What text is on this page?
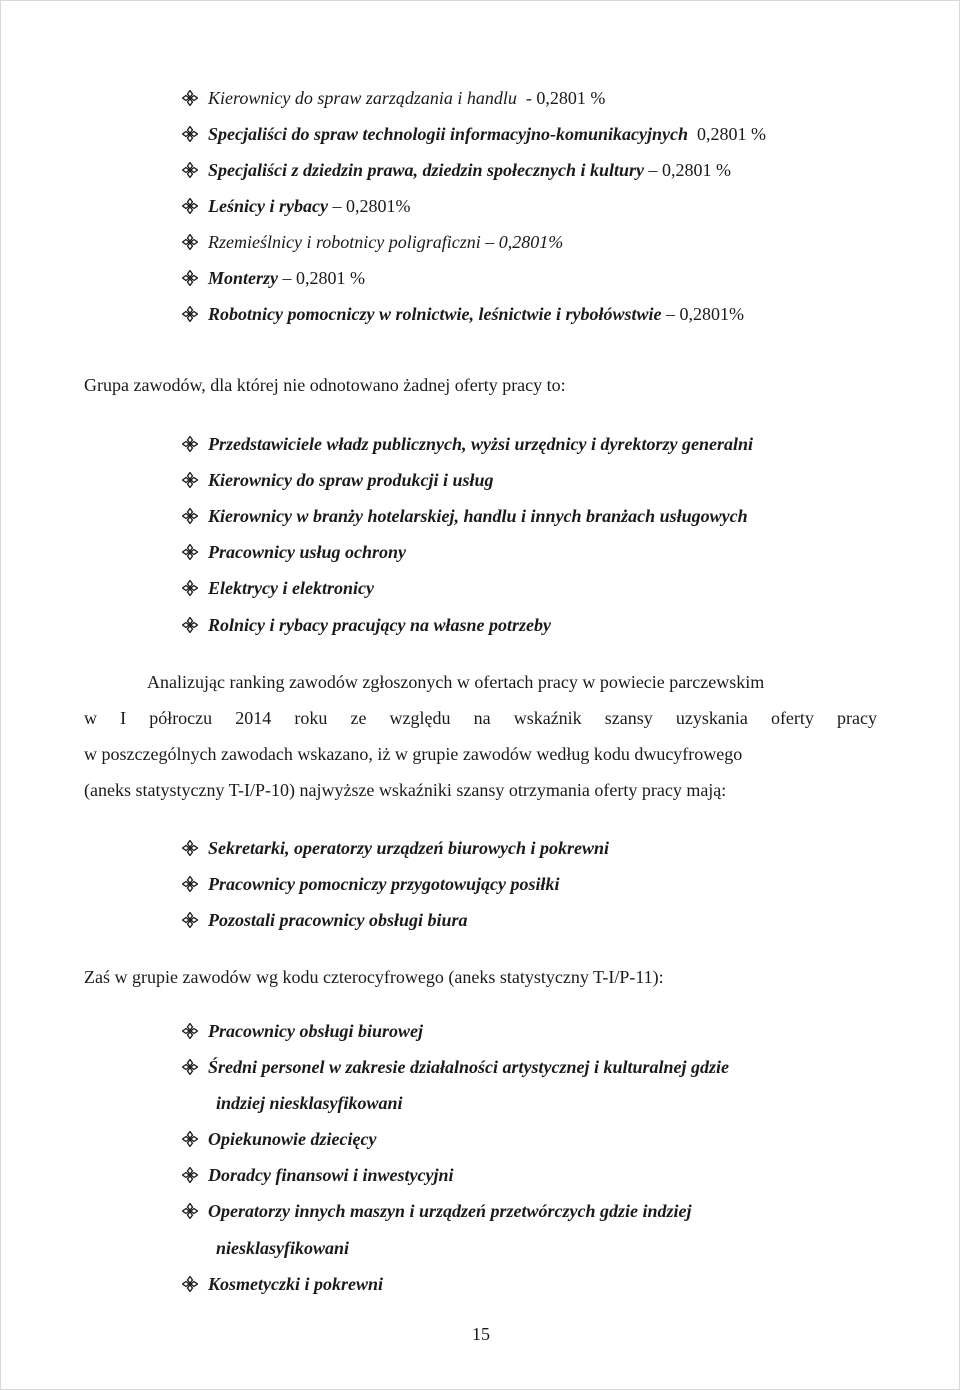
Kierownicy do spraw zarządzania i handlu - 0,2801 %
Specjaliści do spraw technologii informacyjno-komunikacyjnych
0,2801 %
Specjaliści z dziedzin prawa, dziedzin społecznych i kultury – 0,2801 %
Leśnicy i rybacy – 0,2801%
Rzemieślnicy i robotnicy poligraficzni – 0,2801%
Monterzy – 0,2801 %
Robotnicy pomocniczy w rolnictwie, leśnictwie i rybołówstwie – 0,2801%
Grupa zawodów, dla której nie odnotowano żadnej oferty pracy to:
Przedstawiciele władz publicznych, wyżsi urzędnicy i dyrektorzy generalni
Kierownicy do spraw produkcji i usług
Kierownicy w branży hotelarskiej, handlu i innych branżach usługowych
Pracownicy usług ochrony
Elektrycy i elektronicy
Rolnicy i rybacy pracujący na własne potrzeby
Analizując ranking zawodów zgłoszonych w ofertach pracy w powiecie parczewskim
w I półroczu 2014 roku ze względu na wskaźnik szansy uzyskania oferty pracy
w poszczególnych zawodach wskazano, iż w grupie zawodów według kodu dwucyfrowego
(aneks statystyczny T-I/P-10) najwyższe wskaźniki szansy otrzymania oferty pracy mają:
Sekretarki, operatorzy urządzeń biurowych i pokrewni
Pracownicy pomocniczy przygotowujący posiłki
Pozostali pracownicy obsługi biura
Zaś w grupie zawodów wg kodu czterocyfrowego (aneks statystyczny T-I/P-11):
Pracownicy obsługi biurowej
Średni personel w zakresie działalności artystycznej i kulturalnej gdzie
Opiekunowie dziecięcy
Doradcy finansowi i inwestycyjni
Operatorzy innych maszyn i urządzeń przetwórczych gdzie indziej
Kosmetyczki i pokrewni
indziej niesklasyfikowani
niesklasyfikowani
15
